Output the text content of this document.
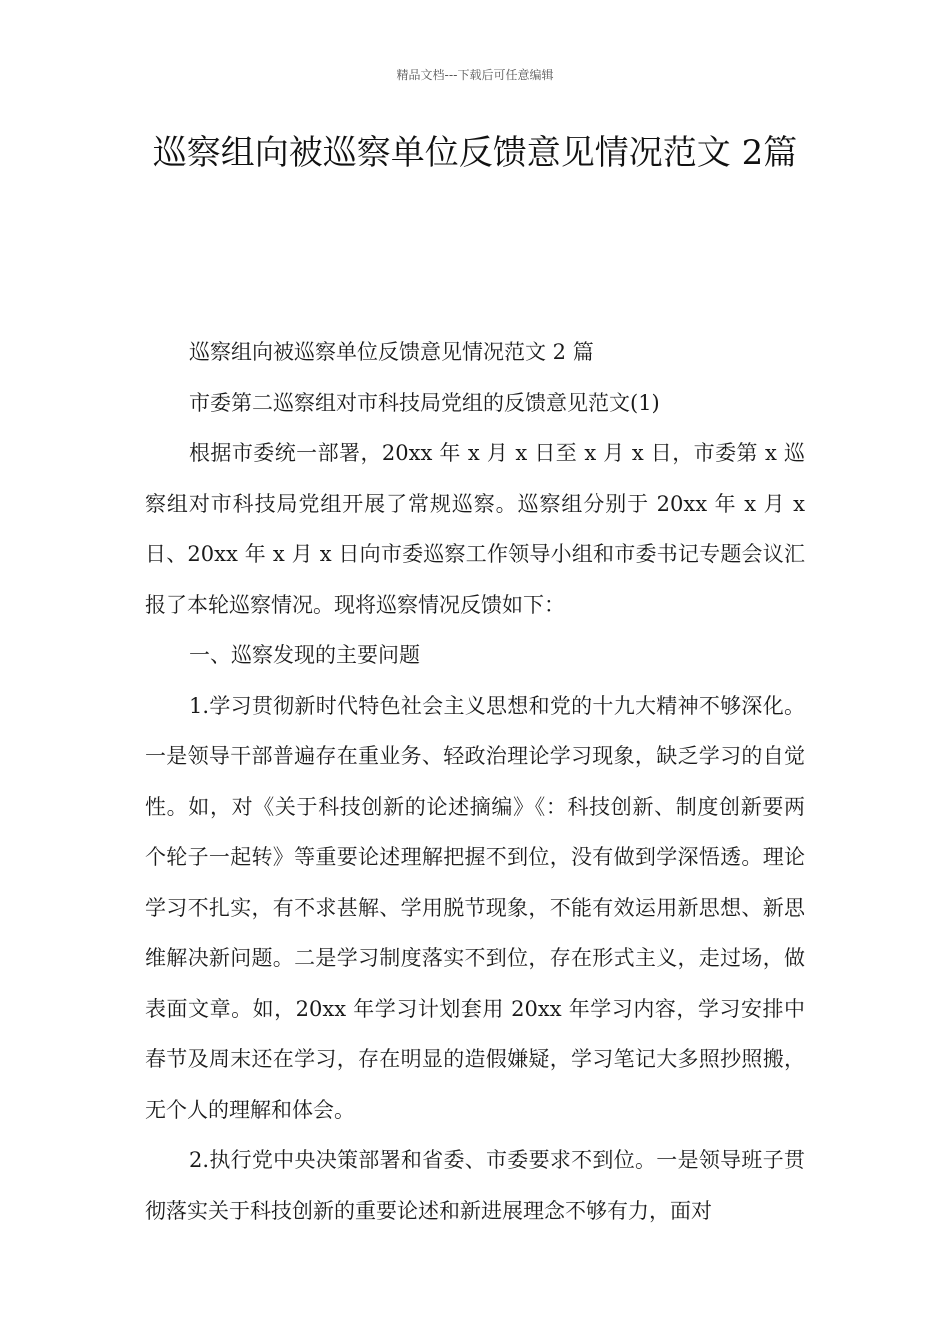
精品文档---下载后可任意编辑
巡察组向被巡察单位反馈意见情况范文 2篇

巡察组向被巡察单位反馈意见情况范文 2 篇

市委第二巡察组对市科技局党组的反馈意见范文(1)

根据市委统一部署，20xx 年 x 月 x 日至 x 月 x 日，市委第 x 巡察组对市科技局党组开展了常规巡察。巡察组分别于 20xx 年 x 月 x 日、20xx 年 x 月 x 日向市委巡察工作领导小组和市委书记专题会议汇报了本轮巡察情况。现将巡察情况反馈如下：

一、巡察发现的主要问题

1.学习贯彻新时代特色社会主义思想和党的十九大精神不够深化。一是领导干部普遍存在重业务、轻政治理论学习现象，缺乏学习的自觉性。如，对《关于科技创新的论述摘编》《：科技创新、制度创新要两个轮子一起转》等重要论述理解把握不到位，没有做到学深悟透。理论学习不扎实，有不求甚解、学用脱节现象，不能有效运用新思想、新思维解决新问题。二是学习制度落实不到位，存在形式主义，走过场，做表面文章。如，20xx 年学习计划套用 20xx 年学习内容，学习安排中春节及周末还在学习，存在明显的造假嫌疑，学习笔记大多照抄照搬，无个人的理解和体会。

2.执行党中央决策部署和省委、市委要求不到位。一是领导班子贯彻落实关于科技创新的重要论述和新进展理念不够有力，面对
